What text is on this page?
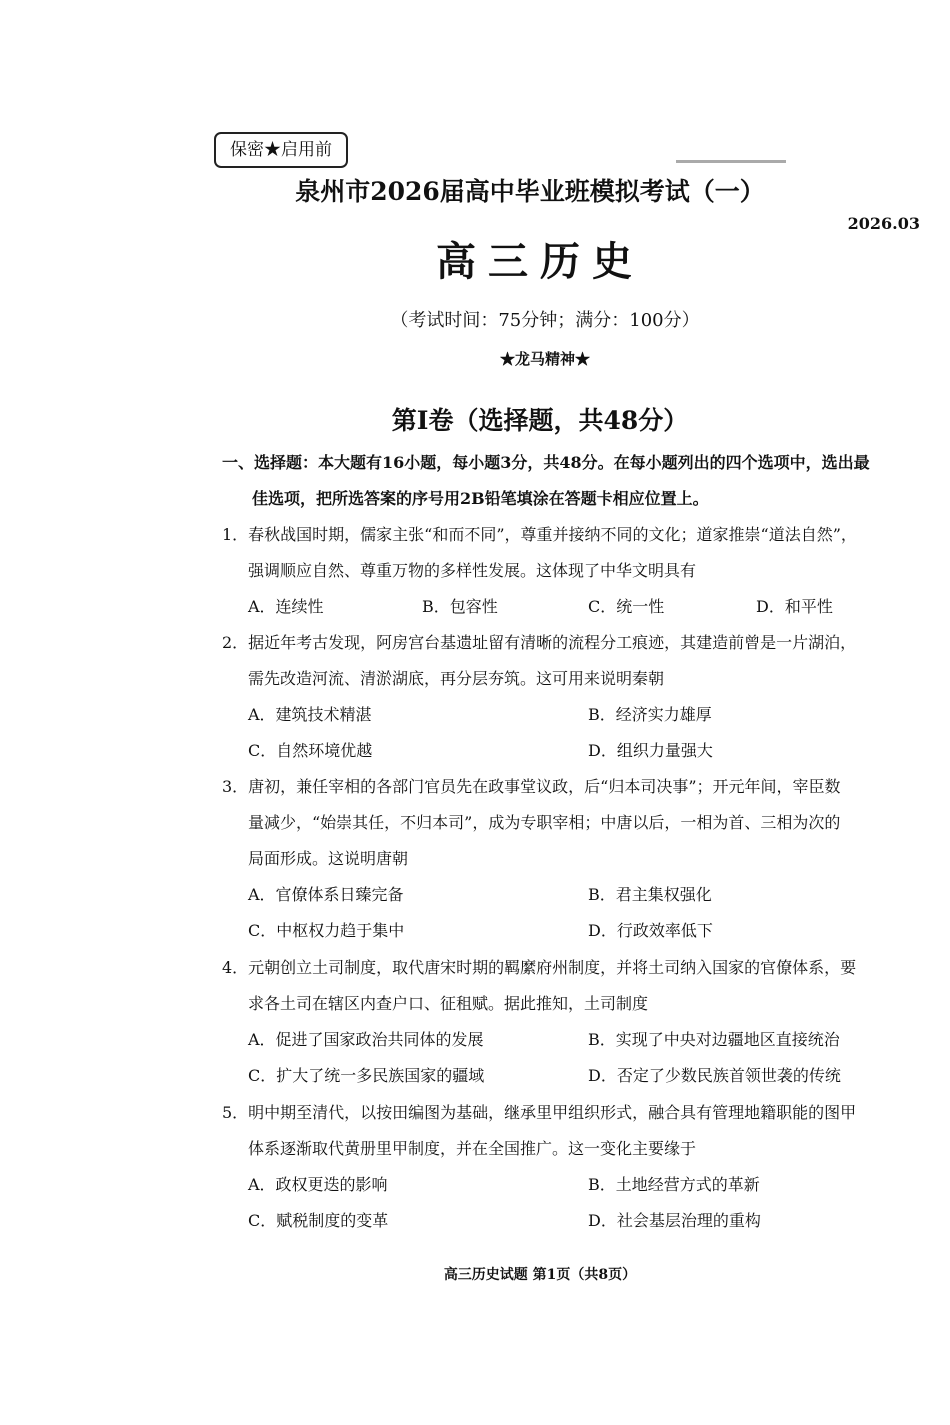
保密★启用前
泉州市2026届高中毕业班模拟考试（一）
2026.03
高三历史
（考试时间：75分钟；满分：100分）
★龙马精神★
第I卷（选择题，共48分）
一、选择题：本大题有16小题，每小题3分，共48分。在每小题列出的四个选项中，选出最
佳选项，把所选答案的序号用2B铅笔填涂在答题卡相应位置上。
1．春秋战国时期，儒家主张“和而不同”，尊重并接纳不同的文化；道家推崇“道法自然”，
强调顺应自然、尊重万物的多样性发展。这体现了中华文明具有
A．连续性	B．包容性	C．统一性	D．和平性
2．据近年考古发现，阿房宫台基遗址留有清晰的流程分工痕迹，其建造前曾是一片湖泊，
需先改造河流、清淤湖底，再分层夯筑。这可用来说明秦朝
A．建筑技术精湛	B．经济实力雄厚
C．自然环境优越	D．组织力量强大
3．唐初，兼任宰相的各部门官员先在政事堂议政，后“归本司决事”；开元年间，宰臣数
量减少，“始崇其任，不归本司”，成为专职宰相；中唐以后，一相为首、三相为次的
局面形成。这说明唐朝
A．官僚体系日臻完备	B．君主集权强化
C．中枢权力趋于集中	D．行政效率低下
4．元朝创立土司制度，取代唐宋时期的羁縻府州制度，并将土司纳入国家的官僚体系，要
求各土司在辖区内查户口、征租赋。据此推知，土司制度
A．促进了国家政治共同体的发展	B．实现了中央对边疆地区直接统治
C．扩大了统一多民族国家的疆域	D．否定了少数民族首领世袭的传统
5．明中期至清代，以按田编图为基础，继承里甲组织形式，融合具有管理地籍职能的图甲
体系逐渐取代黄册里甲制度，并在全国推广。这一变化主要缘于
A．政权更迭的影响	B．土地经营方式的革新
C．赋税制度的变革	D．社会基层治理的重构
高三历史试题 第1页（共8页）
